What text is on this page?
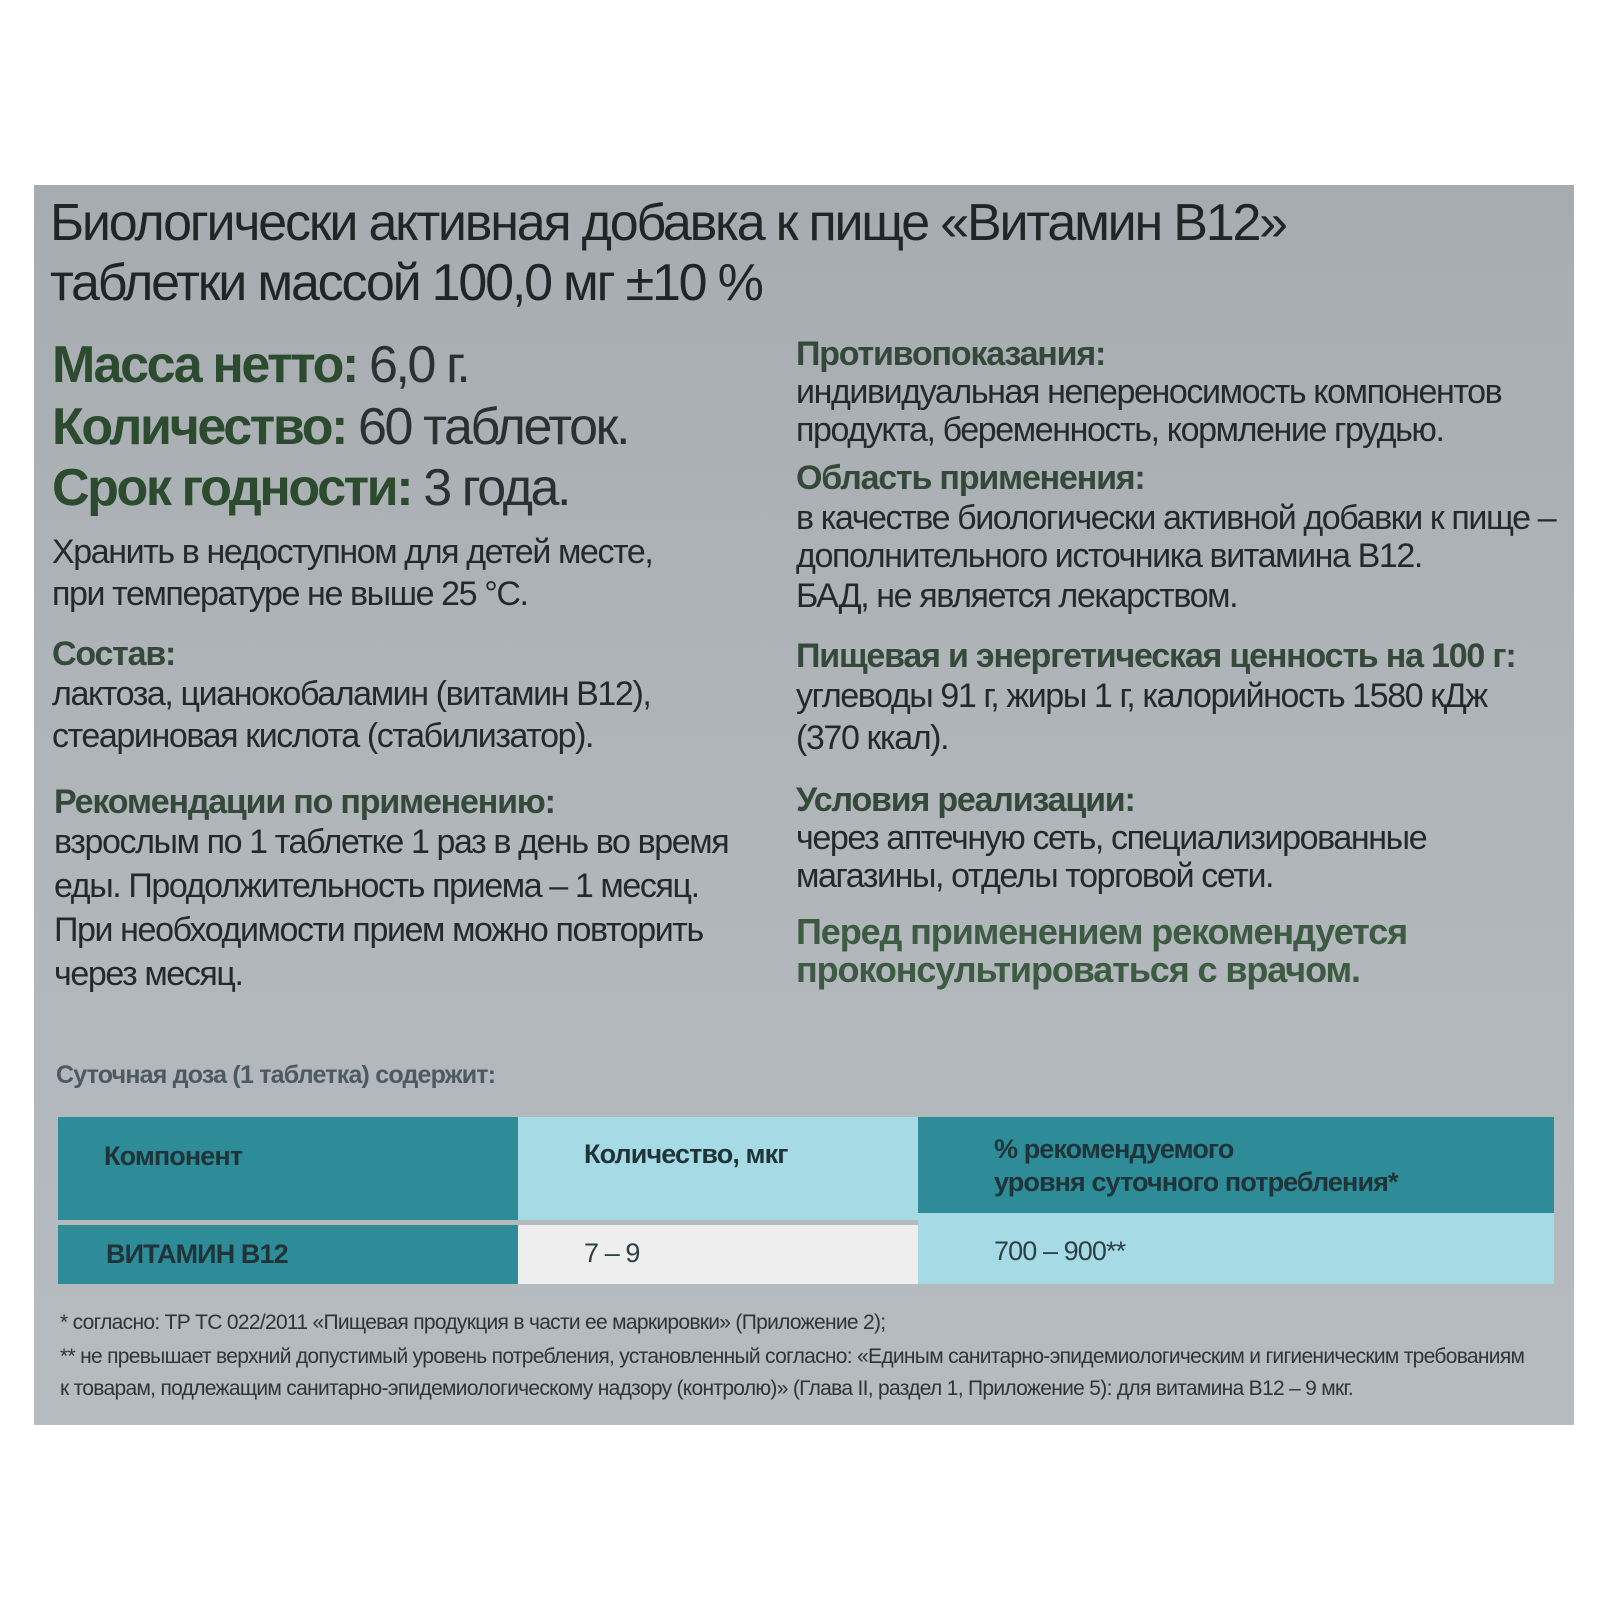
Биологически активная добавка к пище «Витамин В12»

таблетки массой 100,0 мг ±10 %

Масса нетто: 6,0 г.

Количество: 60 таблеток.

Срок годности: 3 года.

Хранить в недоступном для детей месте,

при температуре не выше 25 °С.

Состав:

лактоза, цианокобаламин (витамин В12),

стеариновая кислота (стабилизатор).

Рекомендации по применению:

взрослым по 1 таблетке 1 раз в день во время

еды. Продолжительность приема – 1 месяц.

При необходимости прием можно повторить

через месяц.

Противопоказания:

индивидуальная непереносимость компонентов

продукта, беременность, кормление грудью.

Область применения:

в качестве биологически активной добавки к пище –

дополнительного источника витамина В12.

БАД, не является лекарством.

Пищевая и энергетическая ценность на 100 г:

углеводы 91 г, жиры 1 г, калорийность 1580 кДж

(370 ккал).

Условия реализации:

через аптечную сеть, специализированные

магазины, отделы торговой сети.

Перед применением рекомендуется

проконсультироваться с врачом.

Суточная доза (1 таблетка) содержит:

Компонент	Количество, мкг	% рекомендуемого
уровня суточного потребления*
ВИТАМИН В12	7 – 9	700 – 900**

* согласно: ТР ТС 022/2011 «Пищевая продукция в части ее маркировки» (Приложение 2);

** не превышает верхний допустимый уровень потребления, установленный согласно: «Единым санитарно-эпидемиологическим и гигиеническим требованиям

к товарам, подлежащим санитарно-эпидемиологическому надзору (контролю)» (Глава II, раздел 1, Приложение 5): для витамина В12 – 9 мкг.
